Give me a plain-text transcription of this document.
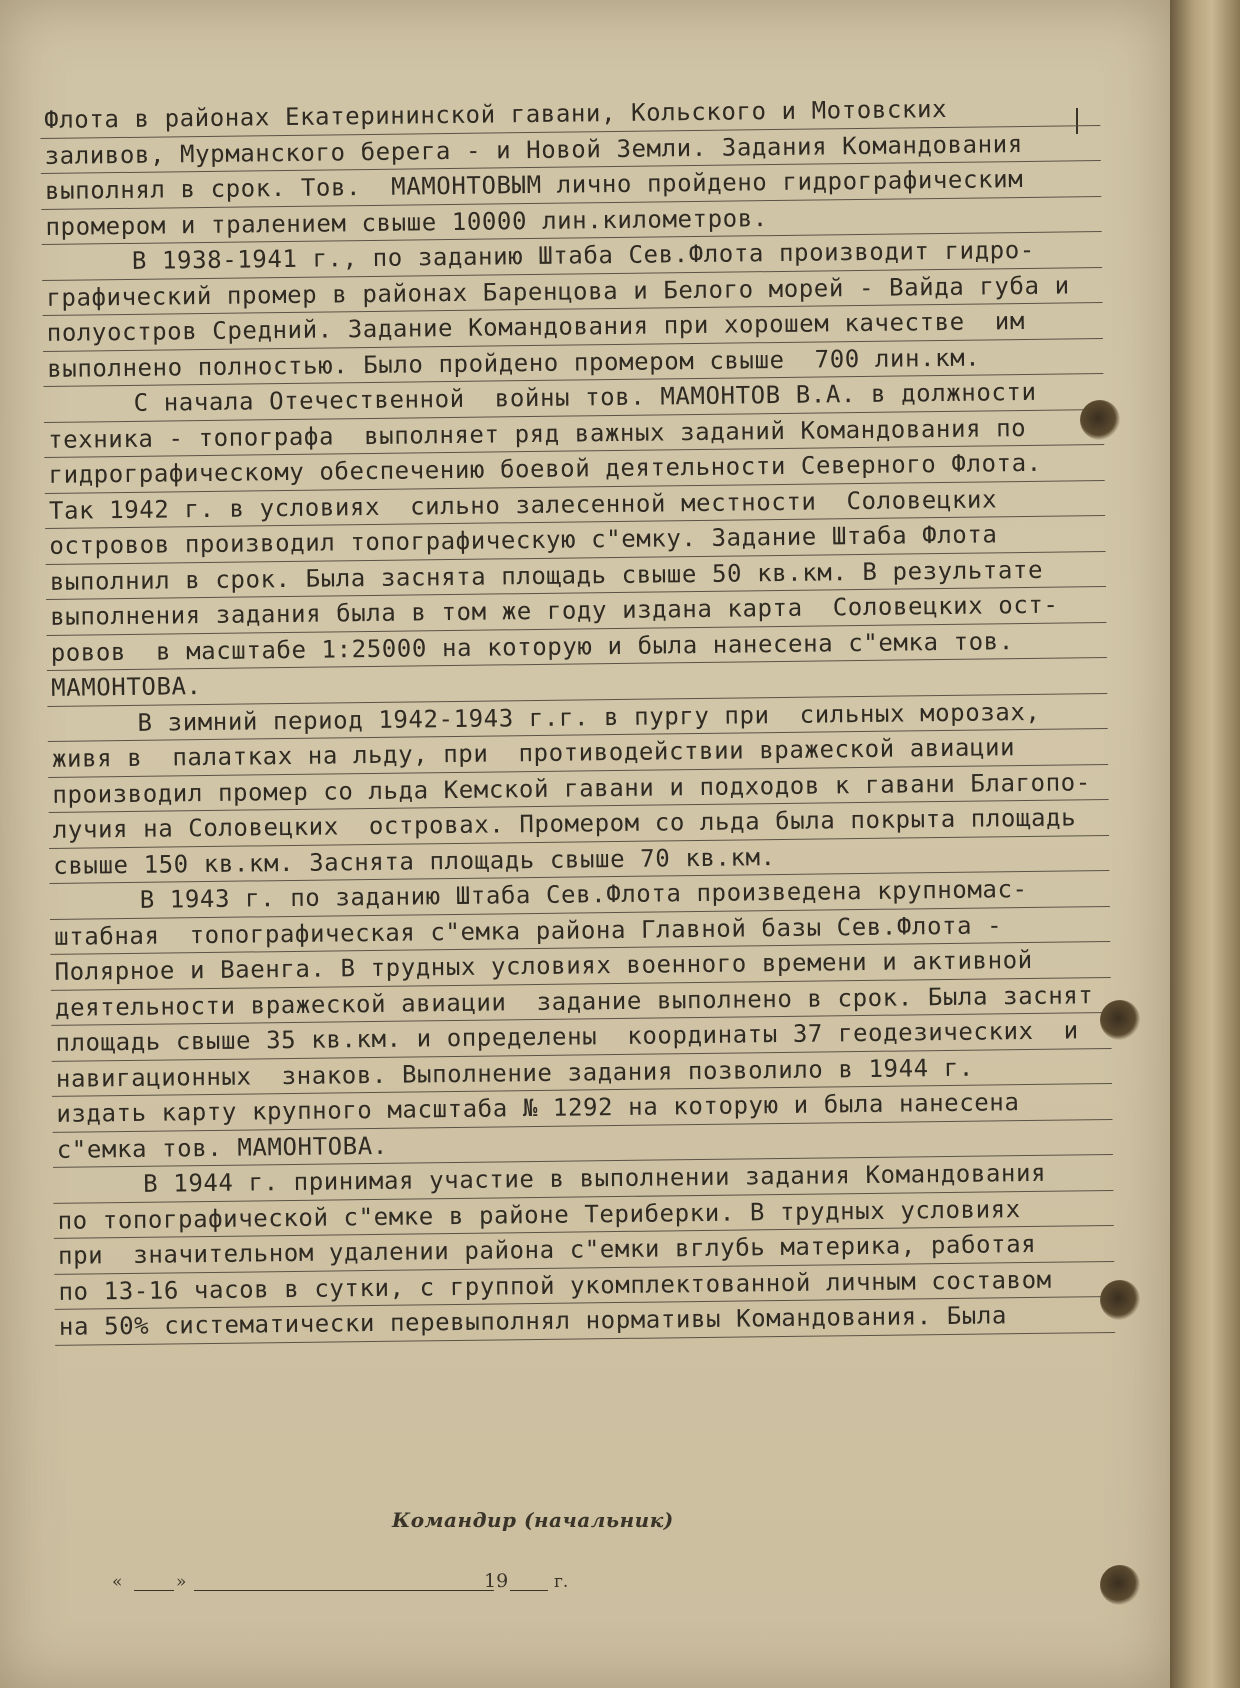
Флота в районах Екатерининской гавани, Кольского и Мотовских
заливов, Мурманского берега - и Новой Земли. Задания Командования
выполнял в срок. Тов.  МАМОНТОВЫМ лично пройдено гидрографическим
промером и тралением свыше 10000 лин.километров.
В 1938-1941 г., по заданию Штаба Сев.Флота производит гидро-
графический промер в районах Баренцова и Белого морей - Вайда губа и
полуостров Средний. Задание Командования при хорошем качестве  им
выполнено полностью. Было пройдено промером свыше  700 лин.км.
С начала Отечественной  войны тов. МАМОНТОВ В.А. в должности
техника - топографа  выполняет ряд важных заданий Командования по
гидрографическому обеспечению боевой деятельности Северного Флота.
Так 1942 г. в условиях  сильно залесенной местности  Соловецких
островов производил топографическую с"емку. Задание Штаба Флота
выполнил в срок. Была заснята площадь свыше 50 кв.км. В результате
выполнения задания была в том же году издана карта  Соловецких ост-
ровов  в масштабе 1:25000 на которую и была нанесена с"емка тов.
МАМОНТОВА.
В зимний период 1942-1943 г.г. в пургу при  сильных морозах,
живя в  палатках на льду, при  противодействии вражеской авиации
производил промер со льда Кемской гавани и подходов к гавани Благопо-
лучия на Соловецких  островах. Промером со льда была покрыта площадь
свыше 150 кв.км. Заснята площадь свыше 70 кв.км.
В 1943 г. по заданию Штаба Сев.Флота произведена крупномас-
штабная  топографическая с"емка района Главной базы Сев.Флота -
Полярное и Ваенга. В трудных условиях военного времени и активной
деятельности вражеской авиации  задание выполнено в срок. Была заснят
площадь свыше 35 кв.км. и определены  координаты 37 геодезических  и
навигационных  знаков. Выполнение задания позволило в 1944 г.
издать карту крупного масштаба № 1292 на которую и была нанесена
с"емка тов. МАМОНТОВА.
В 1944 г. принимая участие в выполнении задания Командования
по топографической с"емке в районе Териберки. В трудных условиях
при  значительном удалении района с"емки вглубь материка, работая
по 13-16 часов в сутки, с группой укомплектованной личным составом
на 50% систематически перевыполнял нормативы Командования. Была
Командир (начальник)
«	»	19	г.
